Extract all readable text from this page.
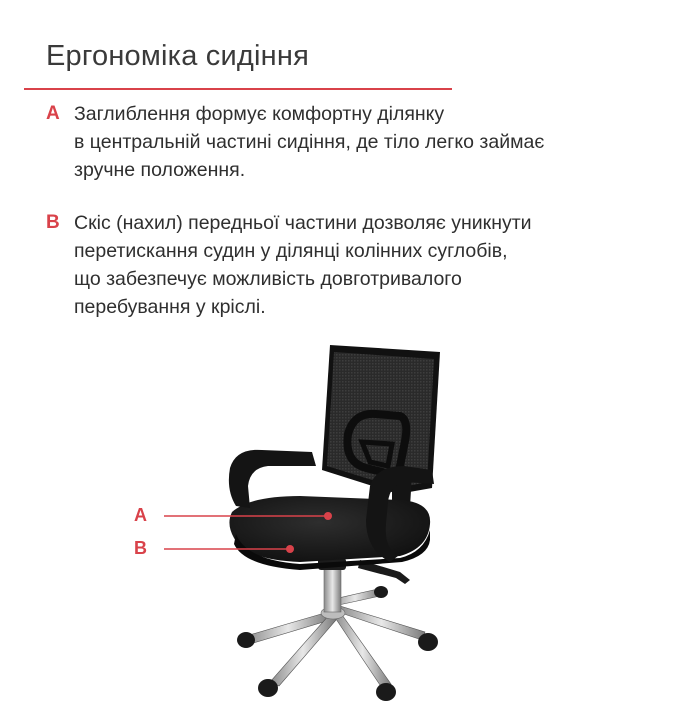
Ергономіка сидіння
A Заглиблення формує комфортну ділянку
в центральній частині сидіння, де тіло легко займає
зручне положення.
B Скіс (нахил) передньої частини дозволяє уникнути
перетискання судин у ділянці колінних суглобів,
що забезпечує можливість довготривалого
перебування у кріслі.
A
B
